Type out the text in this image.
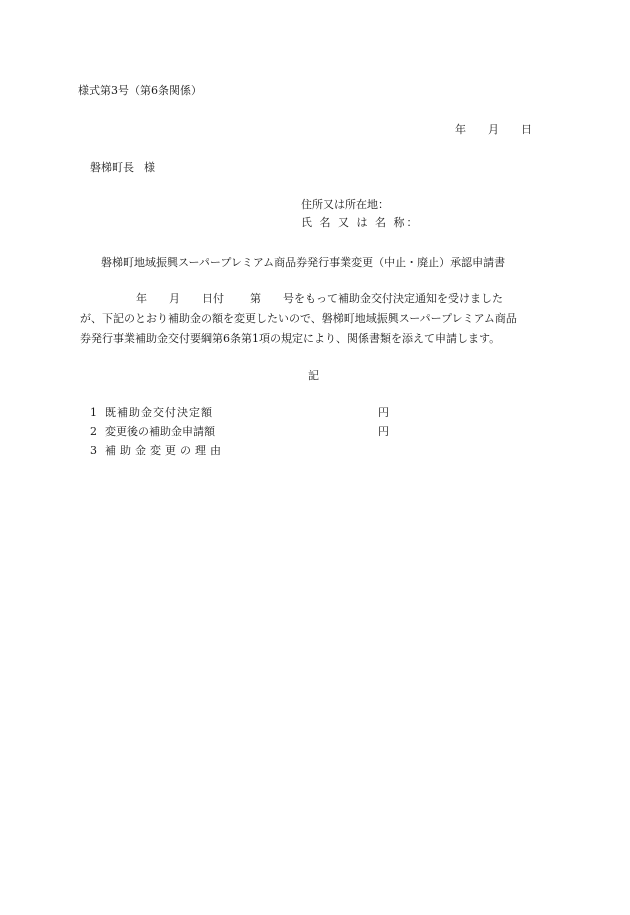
様式第3号（第6条関係）
年 月 日
磐梯町長 様
住所又は所在地：
氏 名 又 は 名 称：
磐梯町地域振興スーパープレミアム商品券発行事業変更（中止・廃止）承認申請書
年 月 日付 第 号をもって補助金交付決定通知を受けました
が、下記のとおり補助金の額を変更したいので、磐梯町地域振興スーパープレミアム商品
券発行事業補助金交付要綱第6条第1項の規定により、関係書類を添えて申請します。
記
1 既補助金交付決定額	円
2 変更後の補助金申請額	円
3 補助金変更の理由
